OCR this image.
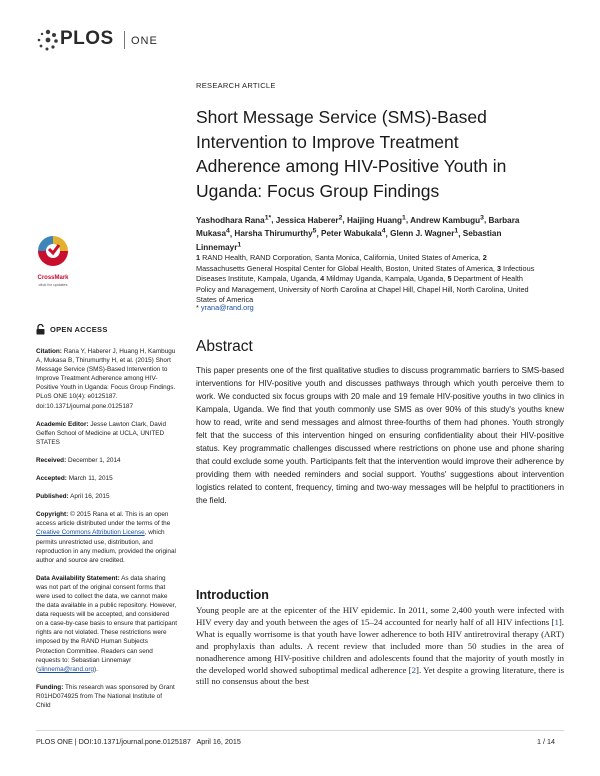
PLOS ONE
RESEARCH ARTICLE
Short Message Service (SMS)-Based Intervention to Improve Treatment Adherence among HIV-Positive Youth in Uganda: Focus Group Findings
Yashodhara Rana$^{1*}$, Jessica Haberer$^2$, Haijing Huang$^1$, Andrew Kambugu$^3$, Barbara Mukasa$^4$, Harsha Thirumurthy$^5$, Peter Wabukala$^4$, Glenn J. Wagner$^1$, Sebastian Linnemayr$^1$
1 RAND Health, RAND Corporation, Santa Monica, California, United States of America, 2 Massachusetts General Hospital Center for Global Health, Boston, United States of America, 3 Infectious Diseases Institute, Kampala, Uganda, 4 Mildmay Uganda, Kampala, Uganda, 5 Department of Health Policy and Management, University of North Carolina at Chapel Hill, Chapel Hill, North Carolina, United States of America
* yrana@rand.org
CrossMark
click for updates
OPEN ACCESS

Citation: Rana Y, Haberer J, Huang H, Kambugu A, Mukasa B, Thirumurthy H, et al. (2015) Short Message Service (SMS)-Based Intervention to Improve Treatment Adherence among HIV-Positive Youth in Uganda: Focus Group Findings. PLoS ONE 10(4): e0125187. doi:10.1371/journal.pone.0125187

Academic Editor: Jesse Lawton Clark, David Geffen School of Medicine at UCLA, UNITED STATES

Received: December 1, 2014

Accepted: March 11, 2015

Published: April 16, 2015

Copyright: © 2015 Rana et al. This is an open access article distributed under the terms of the Creative Commons Attribution License, which permits unrestricted use, distribution, and reproduction in any medium, provided the original author and source are credited.

Data Availability Statement: As data sharing was not part of the original consent forms that were used to collect the data, we cannot make the data available in a public repository. However, data requests will be accepted, and considered on a case-by-case basis to ensure that participant rights are not violated. These restrictions were imposed by the RAND Human Subjects Protection Committee. Readers can send requests to: Sebastian Linnemayr (slinnema@rand.org).

Funding: This research was sponsored by Grant R01HD074925 from The National Institute of Child

Abstract
This paper presents one of the first qualitative studies to discuss programmatic barriers to SMS-based interventions for HIV-positive youth and discusses pathways through which youth perceive them to work. We conducted six focus groups with 20 male and 19 female HIV-positive youths in two clinics in Kampala, Uganda. We find that youth commonly use SMS as over 90% of this study's youths knew how to read, write and send messages and almost three-fourths of them had phones. Youth strongly felt that the success of this intervention hinged on ensuring confidentiality about their HIV-positive status. Key programmatic challenges discussed where restrictions on phone use and phone sharing that could exclude some youth. Participants felt that the intervention would improve their adherence by providing them with needed reminders and social support. Youths' suggestions about intervention logistics related to content, frequency, timing and two-way messages will be helpful to practitioners in the field.
Introduction
Young people are at the epicenter of the HIV epidemic. In 2011, some 2,400 youth were infected with HIV every day and youth between the ages of 15–24 accounted for nearly half of all HIV infections [1]. What is equally worrisome is that youth have lower adherence to both HIV antiretroviral therapy (ART) and prophylaxis than adults. A recent review that included more than 50 studies in the area of nonadherence among HIV-positive children and adolescents found that the majority of youth mostly in the developed world showed suboptimal medical adherence [2]. Yet despite a growing literature, there is still no consensus about the best
PLOS ONE | DOI:10.1371/journal.pone.0125187   April 16, 2015	1 / 14
